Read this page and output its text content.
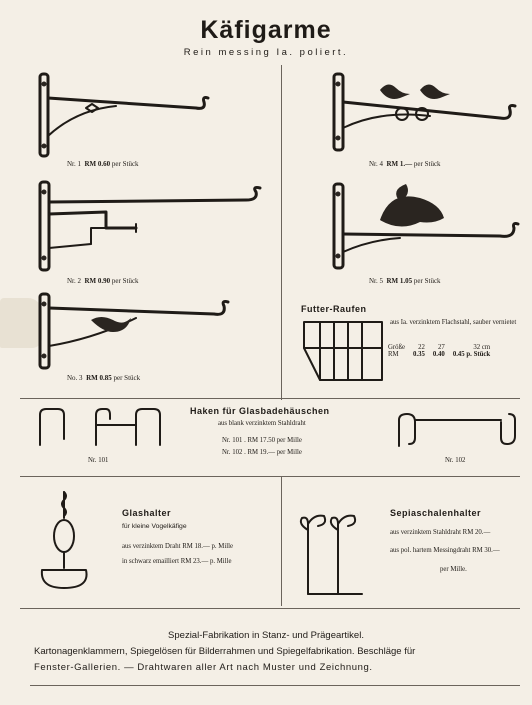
Käfigarme
Rein messing Ia. poliert.
Nr. 1 RM 0.60 per Stück
Nr. 2 RM 0.90 per Stück
No. 3 RM 0.85 per Stück
Nr. 4 RM 1.— per Stück
Nr. 5 RM 1.05 per Stück
Futter-Raufen
aus Ia. verzinktem Flachstahl, sauber vernietet
Größe	22	27	32 cm
RM	0.35	0.40	0.45 p. Stück
Nr. 101
Haken für Glasbadehäuschen
aus blank verzinktem Stahldraht
Nr. 101 . RM 17.50 per Mille
Nr. 102 . RM 19.— per Mille
Nr. 102
Glashalter
für kleine Vogelkäfige
aus verzinktem Draht RM 18.— p. Mille
in schwarz emailliert RM 23.— p. Mille
Sepiaschalenhalter
aus verzinktem Stahldraht RM 20.—
aus pol. hartem Messingdraht RM 30.—
per Mille.
Spezial-Fabrikation in Stanz- und Prägeartikel.
Kartonagenklammern, Spiegelösen für Bilderrahmen und Spiegelfabrikation. Beschläge für
Fenster-Gallerien. — Drahtwaren aller Art nach Muster und Zeichnung.
